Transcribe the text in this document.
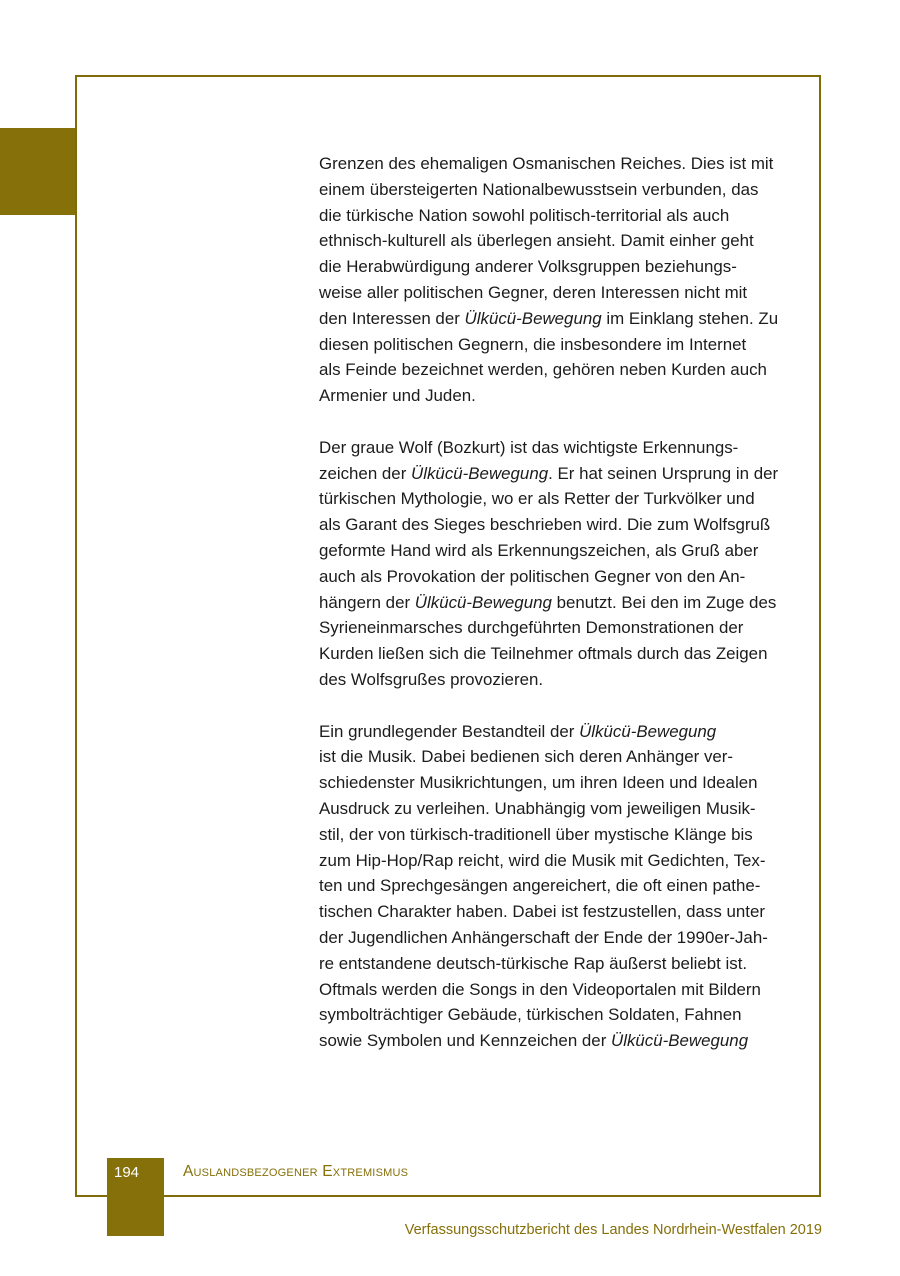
Grenzen des ehemaligen Osmanischen Reiches. Dies ist mit
einem übersteigerten Nationalbewusstsein verbunden, das
die türkische Nation sowohl politisch-territorial als auch
ethnisch-kulturell als überlegen ansieht. Damit einher geht
die Herabwürdigung anderer Volksgruppen beziehungs-
weise aller politischen Gegner, deren Interessen nicht mit
den Interessen der Ülkücü-Bewegung im Einklang stehen. Zu
diesen politischen Gegnern, die insbesondere im Internet
als Feinde bezeichnet werden, gehören neben Kurden auch
Armenier und Juden.

Der graue Wolf (Bozkurt) ist das wichtigste Erkennungs-
zeichen der Ülkücü-Bewegung. Er hat seinen Ursprung in der
türkischen Mythologie, wo er als Retter der Turkvölker und
als Garant des Sieges beschrieben wird. Die zum Wolfsgruß
geformte Hand wird als Erkennungszeichen, als Gruß aber
auch als Provokation der politischen Gegner von den An-
hängern der Ülkücü-Bewegung benutzt. Bei den im Zuge des
Syrieneinmarsches durchgeführten Demonstrationen der
Kurden ließen sich die Teilnehmer oftmals durch das Zeigen
des Wolfsgrußes provozieren.

Ein grundlegender Bestandteil der Ülkücü-Bewegung
ist die Musik. Dabei bedienen sich deren Anhänger ver-
schiedenster Musikrichtungen, um ihren Ideen und Idealen
Ausdruck zu verleihen. Unabhängig vom jeweiligen Musik-
stil, der von türkisch-traditionell über mystische Klänge bis
zum Hip-Hop/Rap reicht, wird die Musik mit Gedichten, Tex-
ten und Sprechgesängen angereichert, die oft einen pathe-
tischen Charakter haben. Dabei ist festzustellen, dass unter
der Jugendlichen Anhängerschaft der Ende der 1990er-Jah-
re entstandene deutsch-türkische Rap äußerst beliebt ist.
Oftmals werden die Songs in den Videoportalen mit Bildern
symbolträchtiger Gebäude, türkischen Soldaten, Fahnen
sowie Symbolen und Kennzeichen der Ülkücü-Bewegung

194	Auslandsbezogener Extremismus
Verfassungsschutzbericht des Landes Nordrhein-Westfalen 2019
